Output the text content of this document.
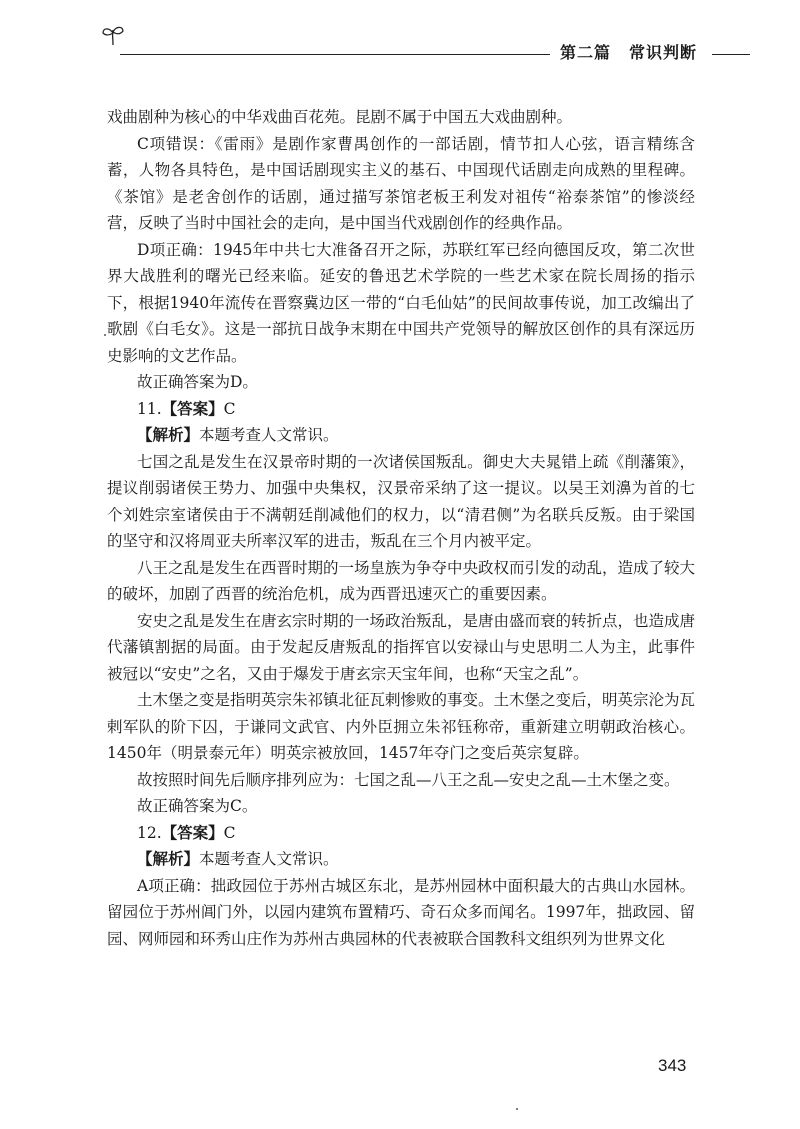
第二篇 常识判断

戏曲剧种为核心的中华戏曲百花苑。昆剧不属于中国五大戏曲剧种。

C项错误：《雷雨》是剧作家曹禺创作的一部话剧，情节扣人心弦，语言精练含蓄，人物各具特色，是中国话剧现实主义的基石、中国现代话剧走向成熟的里程碑。《茶馆》是老舍创作的话剧，通过描写茶馆老板王利发对祖传“裕泰茶馆”的惨淡经营，反映了当时中国社会的走向，是中国当代戏剧创作的经典作品。

D项正确：1945年中共七大准备召开之际，苏联红军已经向德国反攻，第二次世界大战胜利的曙光已经来临。延安的鲁迅艺术学院的一些艺术家在院长周扬的指示下，根据1940年流传在晋察冀边区一带的“白毛仙姑”的民间故事传说，加工改编出了歌剧《白毛女》。这是一部抗日战争末期在中国共产党领导的解放区创作的具有深远历史影响的文艺作品。

故正确答案为D。

11.【答案】C

【解析】本题考查人文常识。

七国之乱是发生在汉景帝时期的一次诸侯国叛乱。御史大夫晁错上疏《削藩策》，提议削弱诸侯王势力、加强中央集权，汉景帝采纳了这一提议。以吴王刘濞为首的七个刘姓宗室诸侯由于不满朝廷削减他们的权力，以“清君侧”为名联兵反叛。由于梁国的坚守和汉将周亚夫所率汉军的进击，叛乱在三个月内被平定。

八王之乱是发生在西晋时期的一场皇族为争夺中央政权而引发的动乱，造成了较大的破坏，加剧了西晋的统治危机，成为西晋迅速灭亡的重要因素。

安史之乱是发生在唐玄宗时期的一场政治叛乱，是唐由盛而衰的转折点，也造成唐代藩镇割据的局面。由于发起反唐叛乱的指挥官以安禄山与史思明二人为主，此事件被冠以“安史”之名，又由于爆发于唐玄宗天宝年间，也称“天宝之乱”。

土木堡之变是指明英宗朱祁镇北征瓦剌惨败的事变。土木堡之变后，明英宗沦为瓦剌军队的阶下囚，于谦同文武官、内外臣拥立朱祁钰称帝，重新建立明朝政治核心。1450年（明景泰元年）明英宗被放回，1457年夺门之变后英宗复辟。

故按照时间先后顺序排列应为：七国之乱—八王之乱—安史之乱—土木堡之变。

故正确答案为C。

12.【答案】C

【解析】本题考查人文常识。

A项正确：拙政园位于苏州古城区东北，是苏州园林中面积最大的古典山水园林。留园位于苏州阊门外，以园内建筑布置精巧、奇石众多而闻名。1997年，拙政园、留园、网师园和环秀山庄作为苏州古典园林的代表被联合国教科文组织列为世界文化

343
